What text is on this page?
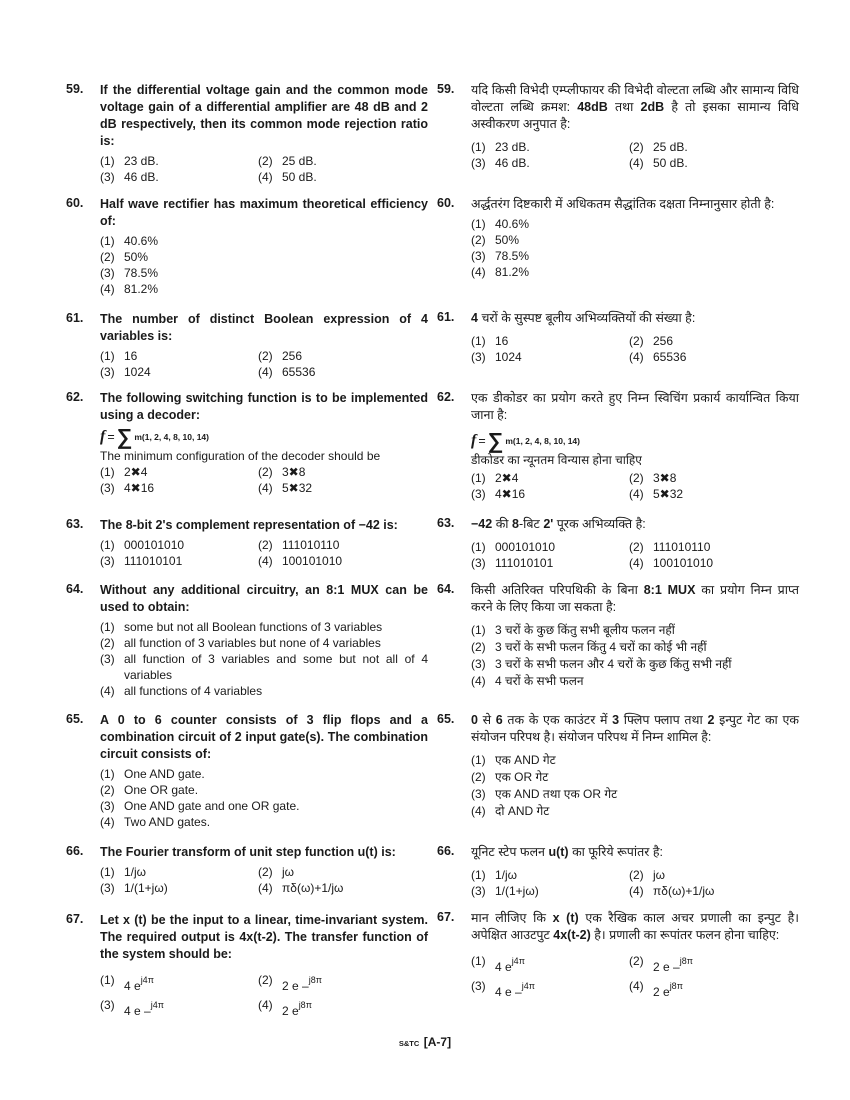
59. If the differential voltage gain and the common mode voltage gain of a differential amplifier are 48 dB and 2 dB respectively, then its common mode rejection ratio is:
(1) 23 dB.	(2) 25 dB.
(3) 46 dB.	(4) 50 dB.
60. Half wave rectifier has maximum theoretical efficiency of:
(1) 40.6%
(2) 50%
(3) 78.5%
(4) 81.2%
61. The number of distinct Boolean expression of 4 variables is:
(1) 16	(2) 256
(3) 1024	(4) 65536
62. The following switching function is to be implemented using a decoder:
f = ∑ m(1, 2, 4, 8, 10, 14)
The minimum configuration of the decoder should be
(1) 2✖4	(2) 3✖8
(3) 4✖16	(4) 5✖32
63. The 8-bit 2's complement representation of −42 is:
(1) 000101010	(2) 111010110
(3) 111010101	(4) 100101010
64. Without any additional circuitry, an 8:1 MUX can be used to obtain:
(1) some but not all Boolean functions of 3 variables
(2) all function of 3 variables but none of 4 variables
(3) all function of 3 variables and some but not all of 4 variables
(4) all functions of 4 variables
65. A 0 to 6 counter consists of 3 flip flops and a combination circuit of 2 input gate(s). The combination circuit consists of:
(1) One AND gate.
(2) One OR gate.
(3) One AND gate and one OR gate.
(4) Two AND gates.
66. The Fourier transform of unit step function u(t) is:
(1) 1/jω	(2) jω
(3) 1/(1+jω)	(4) πδ(ω)+1/jω
67. Let x (t) be the input to a linear, time-invariant system. The required output is 4x(t-2). The transfer function of the system should be:
(1) 4 $e^{j4\pi}$	(2) 2 e –$^{j8\pi}$
(3) 4 e –$^{j4\pi}$	(4) 2 $e^{j8\pi}$
59. यदि किसी विभेदी एम्प्लीफायर की विभेदी वोल्टता लब्धि और सामान्य विधि वोल्टता लब्धि क्रमश: 48dB तथा 2dB है तो इसका सामान्य विधि अस्वीकरण अनुपात है:
(1) 23 dB.	(2) 25 dB.
(3) 46 dB.	(4) 50 dB.
60. अर्द्धतरंग दिष्टकारी में अधिकतम सैद्धांतिक दक्षता निम्नानुसार होती है:
(1) 40.6%
(2) 50%
(3) 78.5%
(4) 81.2%
61. 4 चरों के सुस्पष्ट बूलीय अभिव्यक्तियों की संख्या है:
(1) 16	(2) 256
(3) 1024	(4) 65536
62. एक डीकोडर का प्रयोग करते हुए निम्न स्विचिंग प्रकार्य कार्यान्वित किया जाना है:
f = ∑ m(1, 2, 4, 8, 10, 14)
डीकोडर का न्यूनतम विन्यास होना चाहिए
(1) 2✖4	(2) 3✖8
(3) 4✖16	(4) 5✖32
63. −42 की 8-बिट 2' पूरक अभिव्यक्ति है:
(1) 000101010	(2) 111010110
(3) 111010101	(4) 100101010
64. किसी अतिरिक्त परिपथिकी के बिना 8:1 MUX का प्रयोग निम्न प्राप्त करने के लिए किया जा सकता है:
(1) 3 चरों के कुछ किंतु सभी बूलीय फलन नहीं
(2) 3 चरों के सभी फलन किंतु 4 चरों का कोई भी नहीं
(3) 3 चरों के सभी फलन और 4 चरों के कुछ किंतु सभी नहीं
(4) 4 चरों के सभी फलन
65. 0 से 6 तक के एक काउंटर में 3 फ्लिप फ्लाप तथा 2 इन्पुट गेट का एक संयोजन परिपथ है। संयोजन परिपथ में निम्न शामिल है:
(1) एक AND गेट
(2) एक OR गेट
(3) एक AND तथा एक OR गेट
(4) दो AND गेट
66. यूनिट स्टेप फलन u(t) का फूरिये रूपांतर है:
(1) 1/jω	(2) jω
(3) 1/(1+jω)	(4) πδ(ω)+1/jω
67. मान लीजिए कि x (t) एक रैखिक काल अचर प्रणाली का इन्पुट है। अपेक्षित आउटपुट 4x(t-2) है। प्रणाली का रूपांतर फलन होना चाहिए:
(1) 4 $e^{j4\pi}$	(2) 2 e –$^{j8\pi}$
(3) 4 e –$^{j4\pi}$	(4) 2 $e^{j8\pi}$
S&TC [A-7]
